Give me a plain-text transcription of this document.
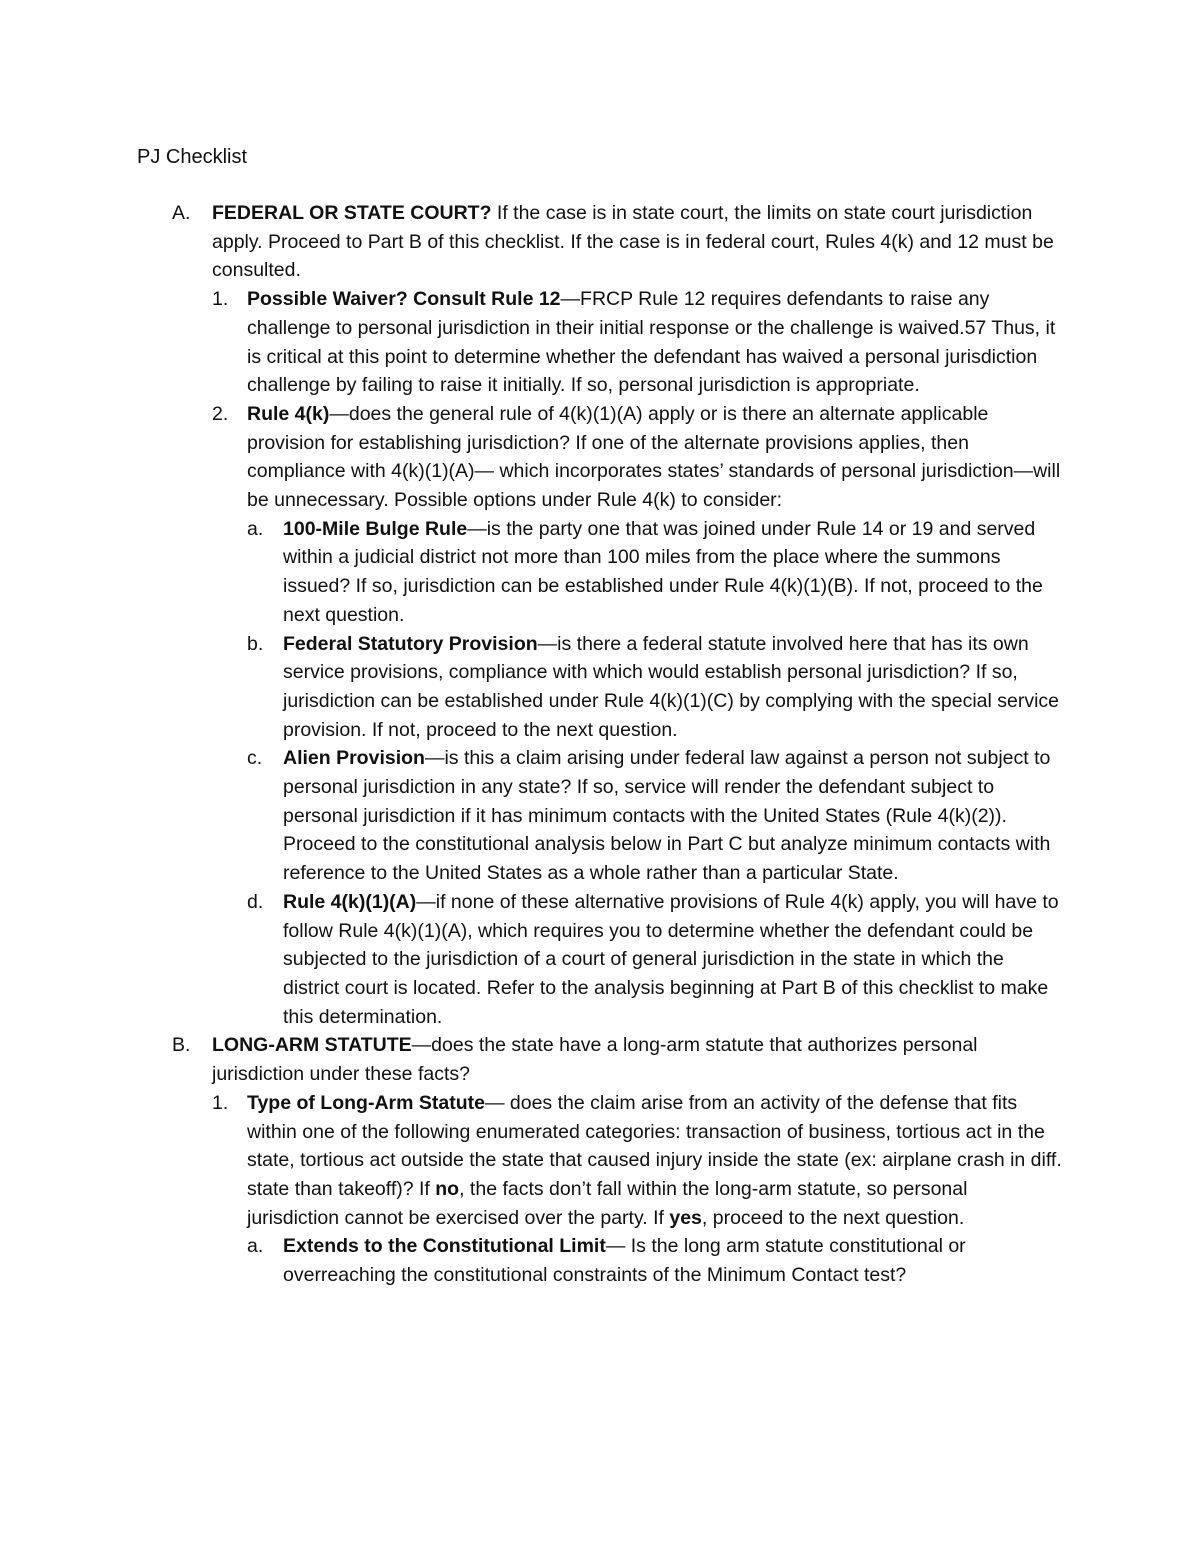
PJ Checklist
A. FEDERAL OR STATE COURT? If the case is in state court, the limits on state court jurisdiction apply. Proceed to Part B of this checklist. If the case is in federal court, Rules 4(k) and 12 must be consulted.
1. Possible Waiver? Consult Rule 12—FRCP Rule 12 requires defendants to raise any challenge to personal jurisdiction in their initial response or the challenge is waived.57 Thus, it is critical at this point to determine whether the defendant has waived a personal jurisdiction challenge by failing to raise it initially. If so, personal jurisdiction is appropriate.
2. Rule 4(k)—does the general rule of 4(k)(1)(A) apply or is there an alternate applicable provision for establishing jurisdiction? If one of the alternate provisions applies, then compliance with 4(k)(1)(A)— which incorporates states’ standards of personal jurisdiction—will be unnecessary. Possible options under Rule 4(k) to consider:
a. 100-Mile Bulge Rule—is the party one that was joined under Rule 14 or 19 and served within a judicial district not more than 100 miles from the place where the summons issued? If so, jurisdiction can be established under Rule 4(k)(1)(B). If not, proceed to the next question.
b. Federal Statutory Provision—is there a federal statute involved here that has its own service provisions, compliance with which would establish personal jurisdiction? If so, jurisdiction can be established under Rule 4(k)(1)(C) by complying with the special service provision. If not, proceed to the next question.
c. Alien Provision—is this a claim arising under federal law against a person not subject to personal jurisdiction in any state? If so, service will render the defendant subject to personal jurisdiction if it has minimum contacts with the United States (Rule 4(k)(2)). Proceed to the constitutional analysis below in Part C but analyze minimum contacts with reference to the United States as a whole rather than a particular State.
d. Rule 4(k)(1)(A)—if none of these alternative provisions of Rule 4(k) apply, you will have to follow Rule 4(k)(1)(A), which requires you to determine whether the defendant could be subjected to the jurisdiction of a court of general jurisdiction in the state in which the district court is located. Refer to the analysis beginning at Part B of this checklist to make this determination.
B. LONG-ARM STATUTE—does the state have a long-arm statute that authorizes personal jurisdiction under these facts?
1. Type of Long-Arm Statute— does the claim arise from an activity of the defense that fits within one of the following enumerated categories: transaction of business, tortious act in the state, tortious act outside the state that caused injury inside the state (ex: airplane crash in diff. state than takeoff)? If no, the facts don’t fall within the long-arm statute, so personal jurisdiction cannot be exercised over the party. If yes, proceed to the next question.
a. Extends to the Constitutional Limit— Is the long arm statute constitutional or overreaching the constitutional constraints of the Minimum Contact test?
